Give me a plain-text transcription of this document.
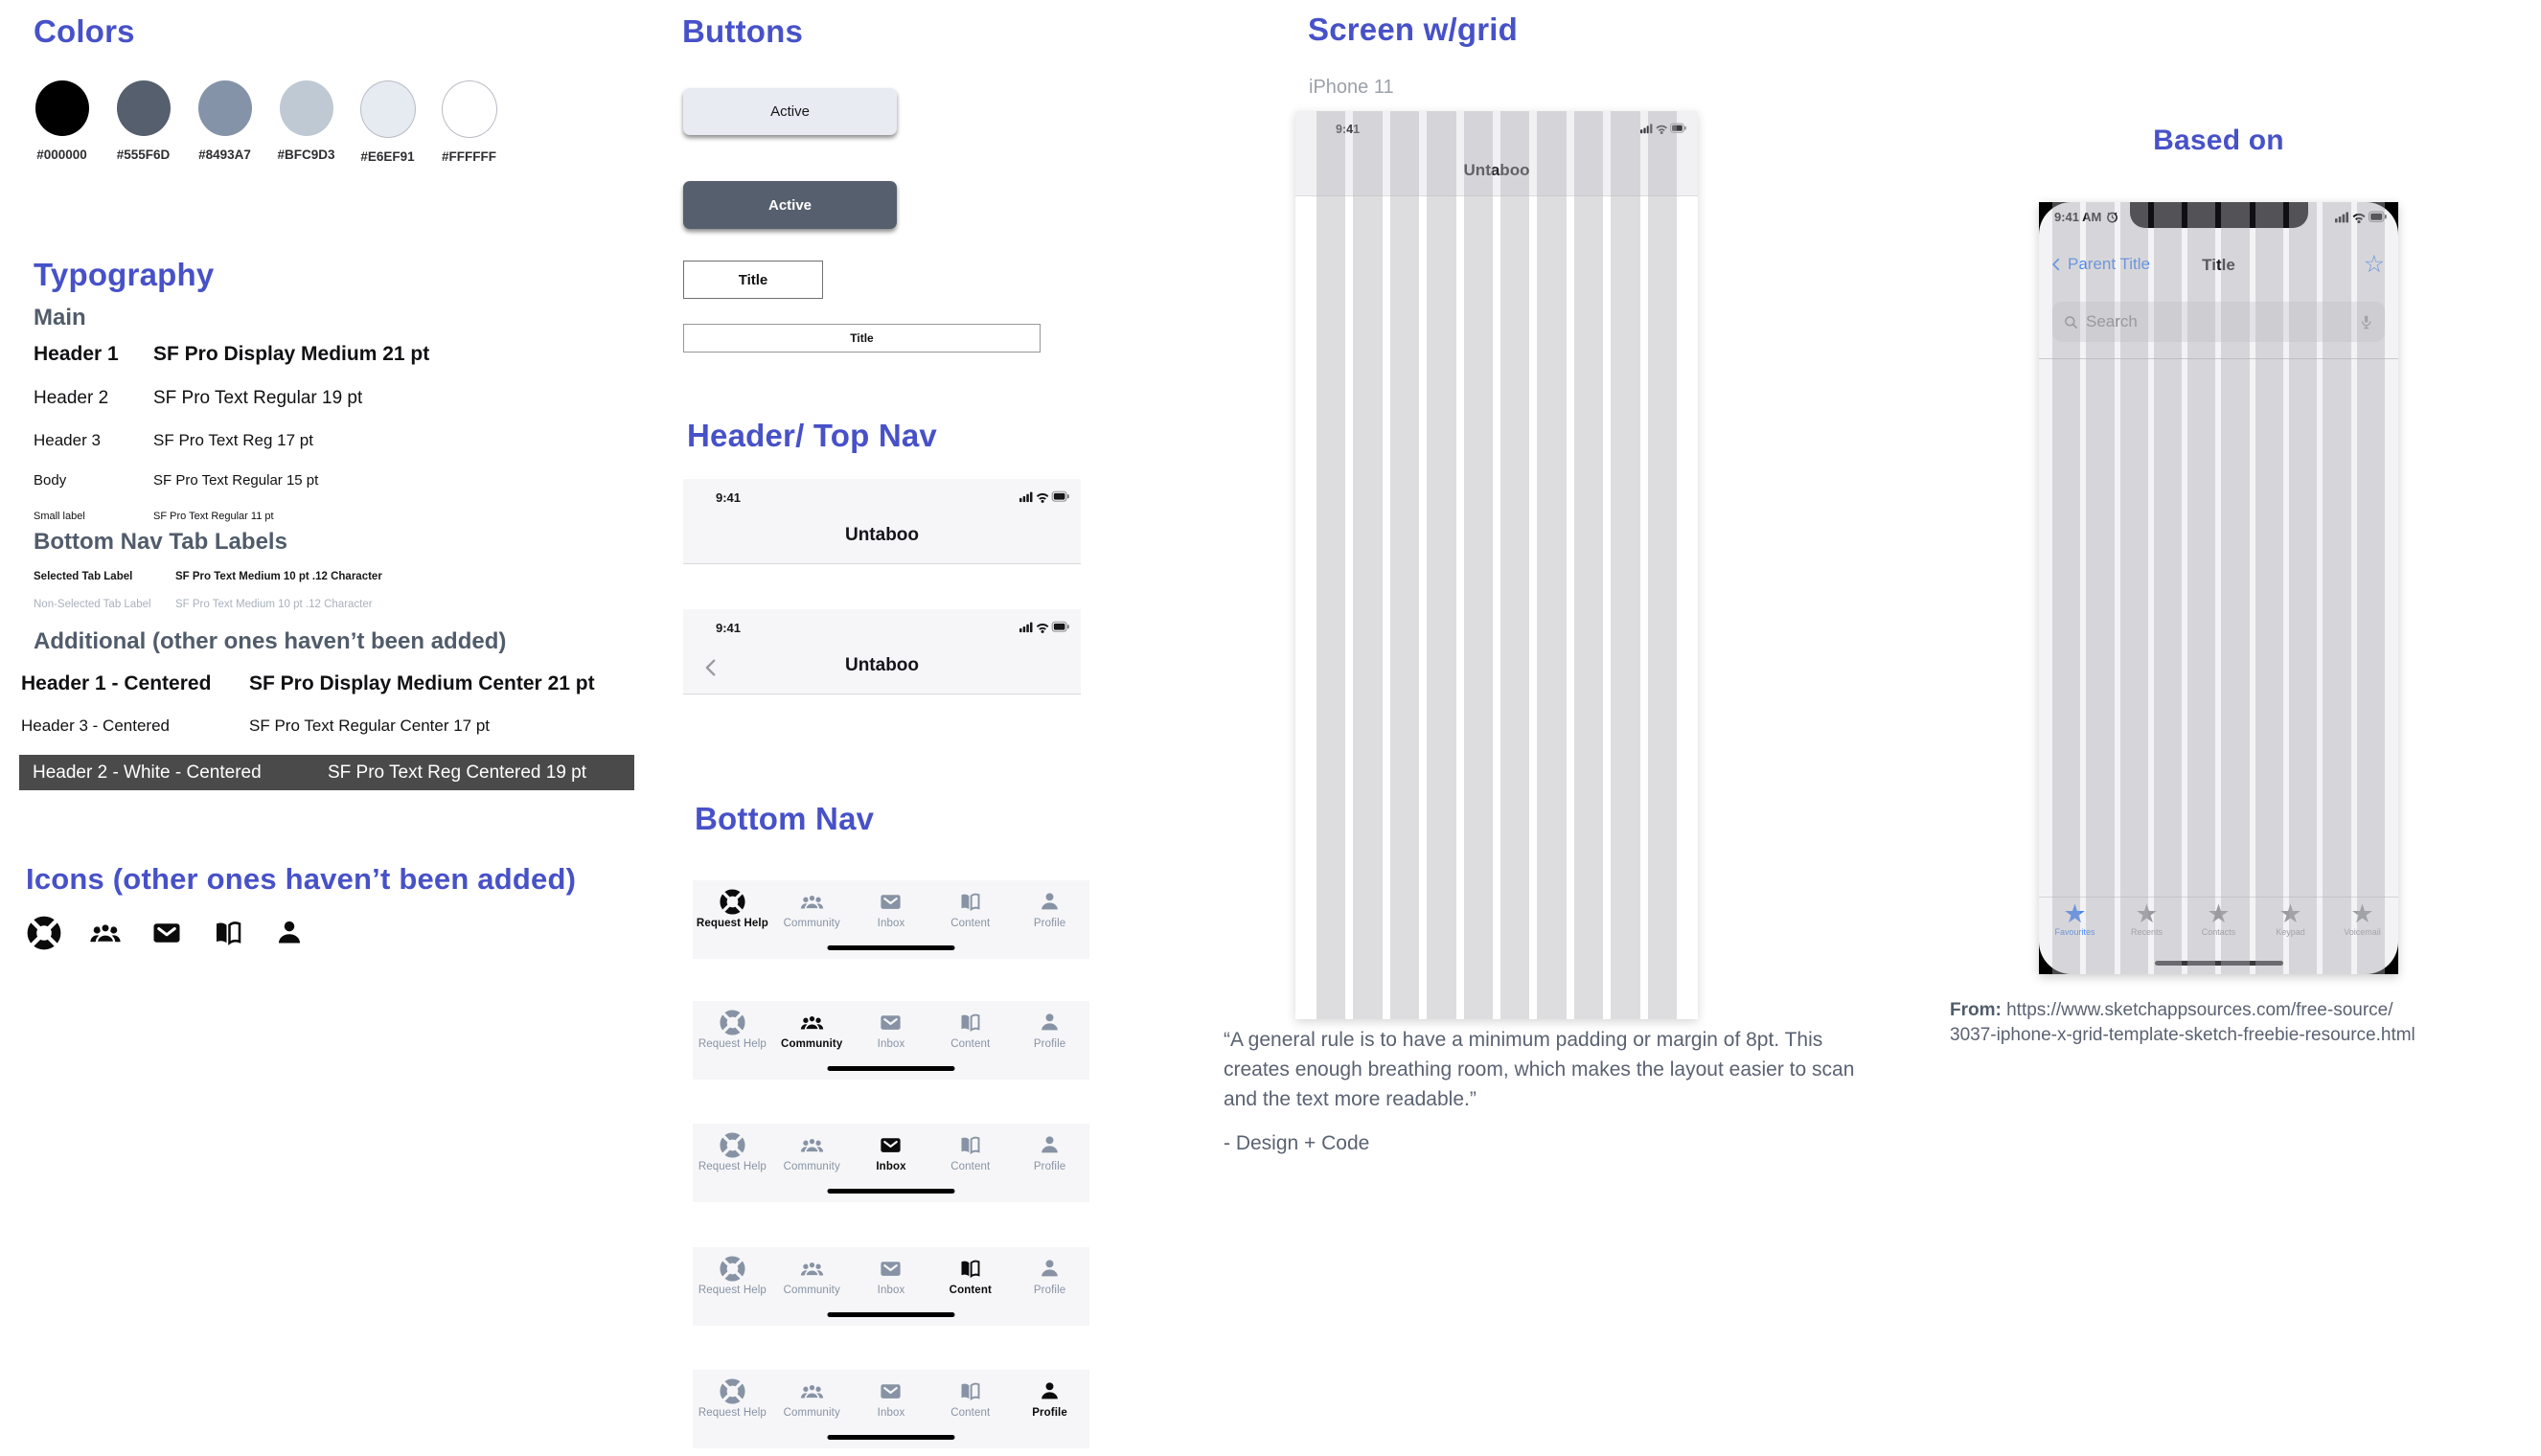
Colors
#000000 #555F6D #8493A7 #BFC9D3 #E6EF91 #FFFFFF
Typography
Main
Header 1	SF Pro Display Medium 21 pt
Header 2	SF Pro Text Regular 19 pt
Header 3	SF Pro Text Reg 17 pt
Body	SF Pro Text Regular 15 pt
Small label	SF Pro Text Regular 11 pt
Bottom Nav Tab Labels
Selected Tab Label	SF Pro Text Medium 10 pt .12 Character
Non-Selected Tab Label	SF Pro Text Medium 10 pt .12 Character
Additional (other ones haven’t been added)
Header 1 - Centered	SF Pro Display Medium Center 21 pt
Header 3 - Centered	SF Pro Text Regular Center 17 pt
Header 2 - White - Centered	SF Pro Text Reg Centered 19 pt
Icons (other ones haven’t been added)
Buttons
Active
Active
Title
Title
Header/ Top Nav
9:41
Untaboo
9:41
Untaboo
Bottom Nav
Request Help Community	Inbox	Content	Profile
Request Help Community	Inbox	Content	Profile
Request Help Community	Inbox	Content	Profile
Request Help Community	Inbox	Content	Profile
Request Help Community	Inbox	Content	Profile
Screen w/grid
iPhone 11
9:41
Untaboo
“A general rule is to have a minimum padding or margin of 8pt. This creates enough breathing room, which makes the layout easier to scan and the text more readable.”
- Design + Code
Based on
9:41 AM
Parent Title	Title	☆
Search
★
Favourites
★
Recents
★
Contacts
★
Keypad
★
Voicemail
From: https://www.sketchappsources.com/free-source/
3037-iphone-x-grid-template-sketch-freebie-resource.html
